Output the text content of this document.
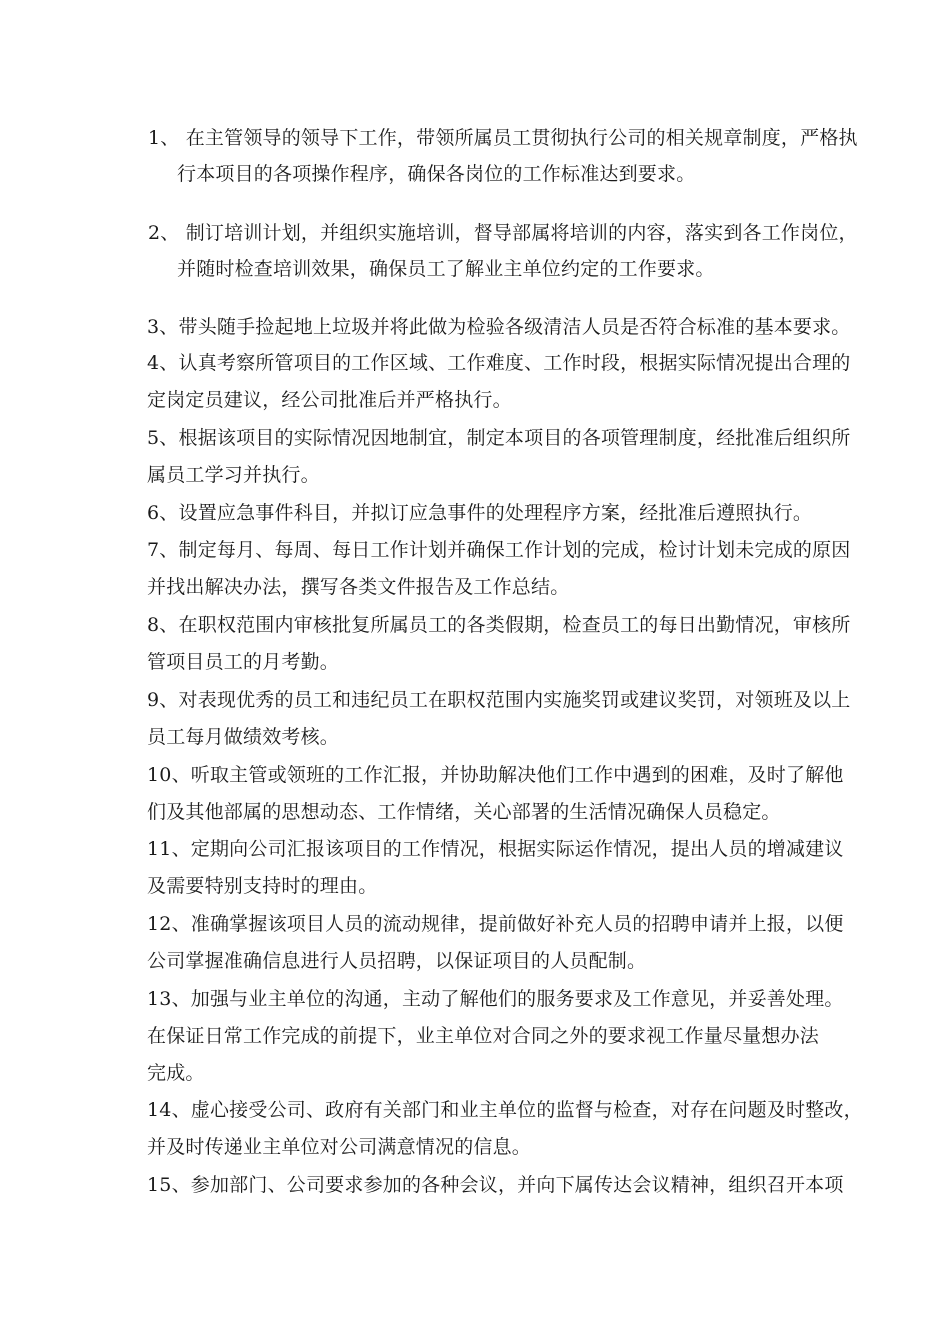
1、 在主管领导的领导下工作，带领所属员工贯彻执行公司的相关规章制度，严格执
行本项目的各项操作程序，确保各岗位的工作标准达到要求。
2、 制订培训计划，并组织实施培训，督导部属将培训的内容，落实到各工作岗位，
并随时检查培训效果，确保员工了解业主单位约定的工作要求。
3、带头随手捡起地上垃圾并将此做为检验各级清洁人员是否符合标准的基本要求。
4、认真考察所管项目的工作区域、工作难度、工作时段，根据实际情况提出合理的
定岗定员建议，经公司批准后并严格执行。
5、根据该项目的实际情况因地制宜，制定本项目的各项管理制度，经批准后组织所
属员工学习并执行。
6、设置应急事件科目，并拟订应急事件的处理程序方案，经批准后遵照执行。
7、制定每月、每周、每日工作计划并确保工作计划的完成，检讨计划未完成的原因
并找出解决办法，撰写各类文件报告及工作总结。
8、在职权范围内审核批复所属员工的各类假期，检查员工的每日出勤情况，审核所
管项目员工的月考勤。
9、对表现优秀的员工和违纪员工在职权范围内实施奖罚或建议奖罚，对领班及以上
员工每月做绩效考核。
10、听取主管或领班的工作汇报，并协助解决他们工作中遇到的困难，及时了解他
们及其他部属的思想动态、工作情绪，关心部署的生活情况确保人员稳定。
11、定期向公司汇报该项目的工作情况，根据实际运作情况，提出人员的增减建议
及需要特别支持时的理由。
12、准确掌握该项目人员的流动规律，提前做好补充人员的招聘申请并上报，以便
公司掌握准确信息进行人员招聘，以保证项目的人员配制。
13、加强与业主单位的沟通，主动了解他们的服务要求及工作意见，并妥善处理。
在保证日常工作完成的前提下，业主单位对合同之外的要求视工作量尽量想办法
完成。
14、虚心接受公司、政府有关部门和业主单位的监督与检查，对存在问题及时整改，
并及时传递业主单位对公司满意情况的信息。
15、参加部门、公司要求参加的各种会议，并向下属传达会议精神，组织召开本项
